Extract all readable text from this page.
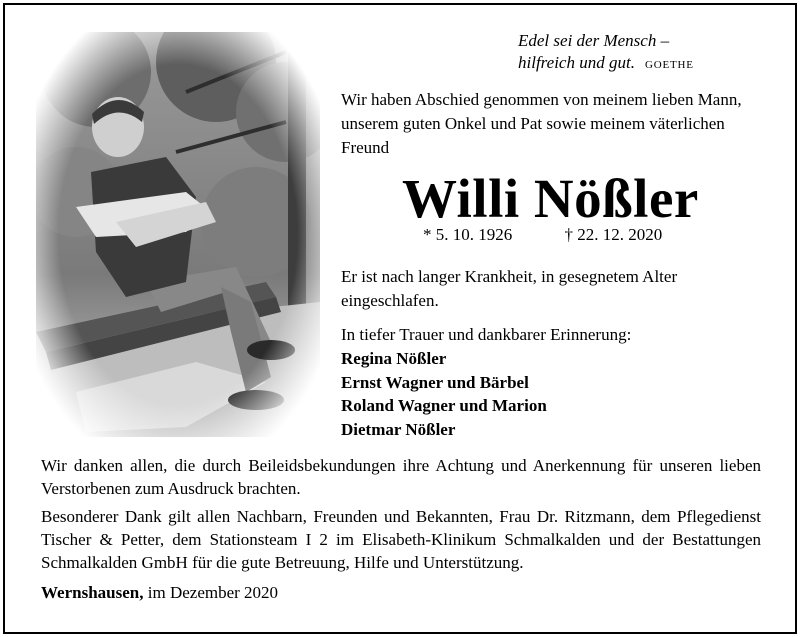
Edel sei der Mensch –
hilfreich und gut. GOETHE
Wir haben Abschied genommen von meinem lieben Mann, unserem guten Onkel und Pat sowie meinem väterlichen Freund
Willi Nößler
* 5. 10. 1926	† 22. 12. 2020
Er ist nach langer Krankheit, in gesegnetem Alter eingeschlafen.
In tiefer Trauer und dankbarer Erinnerung:
Regina Nößler
Ernst Wagner und Bärbel
Roland Wagner und Marion
Dietmar Nößler

Wir danken allen, die durch Beileidsbekundungen ihre Achtung und Anerkennung für unseren lieben Verstorbenen zum Ausdruck brachten.

Besonderer Dank gilt allen Nachbarn, Freunden und Bekannten, Frau Dr. Ritzmann, dem Pflegedienst Tischer & Petter, dem Stationsteam I 2 im Elisabeth-Klinikum Schmalkalden und der Bestattungen Schmalkalden GmbH für die gute Betreuung, Hilfe und Unterstützung.

Wernshausen, im Dezember 2020
